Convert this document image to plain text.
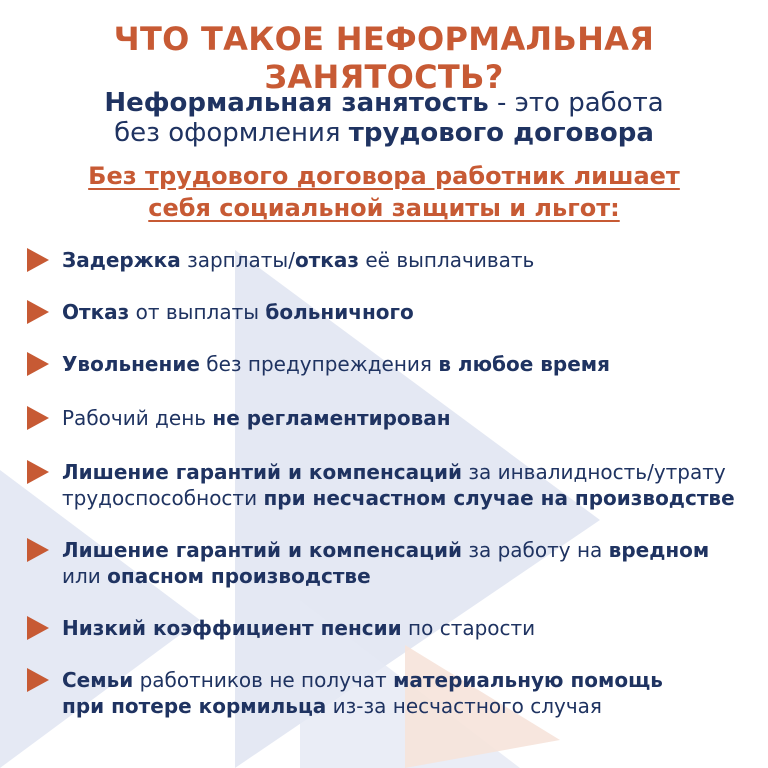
ЧТО ТАКОЕ НЕФОРМАЛЬНАЯ ЗАНЯТОСТЬ?
Неформальная занятость - это работа
без оформления трудового договора
Без трудового договора работник лишает
себя социальной защиты и льгот:
Задержка зарплаты/отказ её выплачивать
Отказ от выплаты больничного
Увольнение без предупреждения в любое время
Рабочий день не регламентирован
Лишение гарантий и компенсаций за инвалидность/утрату
трудоспособности при несчастном случае на производстве
Лишение гарантий и компенсаций за работу на вредном
или опасном производстве
Низкий коэффициент пенсии по старости
Семьи работников не получат материальную помощь
при потере кормильца из-за несчастного случая
